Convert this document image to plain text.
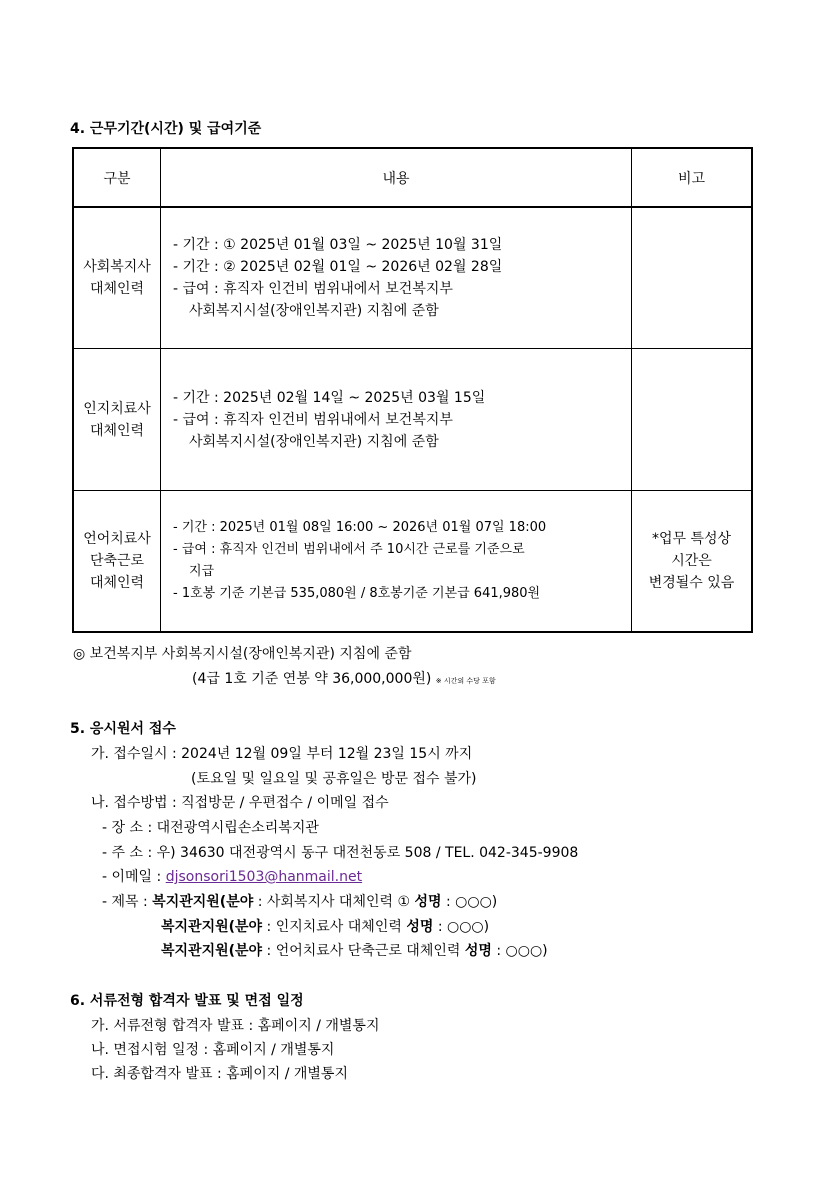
4. 근무기간(시간) 및 급여기준
구분	내용	비고
사회복지사
대체인력
- 기간 : ① 2025년 01월 03일 ~ 2025년 10월 31일
- 기간 : ② 2025년 02월 01일 ~ 2026년 02월 28일
- 급여 : 휴직자 인건비 범위내에서 보건복지부
사회복지시설(장애인복지관) 지침에 준함
인지치료사
대체인력
- 기간 : 2025년 02월 14일 ~ 2025년 03월 15일
- 급여 : 휴직자 인건비 범위내에서 보건복지부
사회복지시설(장애인복지관) 지침에 준함
언어치료사
단축근로
대체인력
- 기간 : 2025년 01월 08일 16:00 ~ 2026년 01월 07일 18:00
- 급여 : 휴직자 인건비 범위내에서 주 10시간 근로를 기준으로
지급
- 1호봉 기준 기본급 535,080원 / 8호봉기준 기본급 641,980원
*업무 특성상
시간은
변경될수 있음
◎ 보건복지부 사회복지시설(장애인복지관) 지침에 준함
(4급 1호 기준 연봉 약 36,000,000원) ※ 시간외 수당 포함
5. 응시원서 접수
가. 접수일시 : 2024년 12월 09일 부터 12월 23일 15시 까지
(토요일 및 일요일 및 공휴일은 방문 접수 불가)
나. 접수방법 : 직접방문 / 우편접수 / 이메일 접수
- 장 소 : 대전광역시립손소리복지관
- 주 소 : 우) 34630 대전광역시 동구 대전천동로 508 / TEL. 042-345-9908
- 이메일 : djsonsori1503@hanmail.net
- 제목 : 복지관지원(분야 : 사회복지사 대체인력 ① 성명 : ○○○)
복지관지원(분야 : 인지치료사 대체인력 성명 : ○○○)
복지관지원(분야 : 언어치료사 단축근로 대체인력 성명 : ○○○)
6. 서류전형 합격자 발표 및 면접 일정
가. 서류전형 합격자 발표 : 홈페이지 / 개별통지
나. 면접시험 일정 : 홈페이지 / 개별통지
다. 최종합격자 발표 : 홈페이지 / 개별통지
